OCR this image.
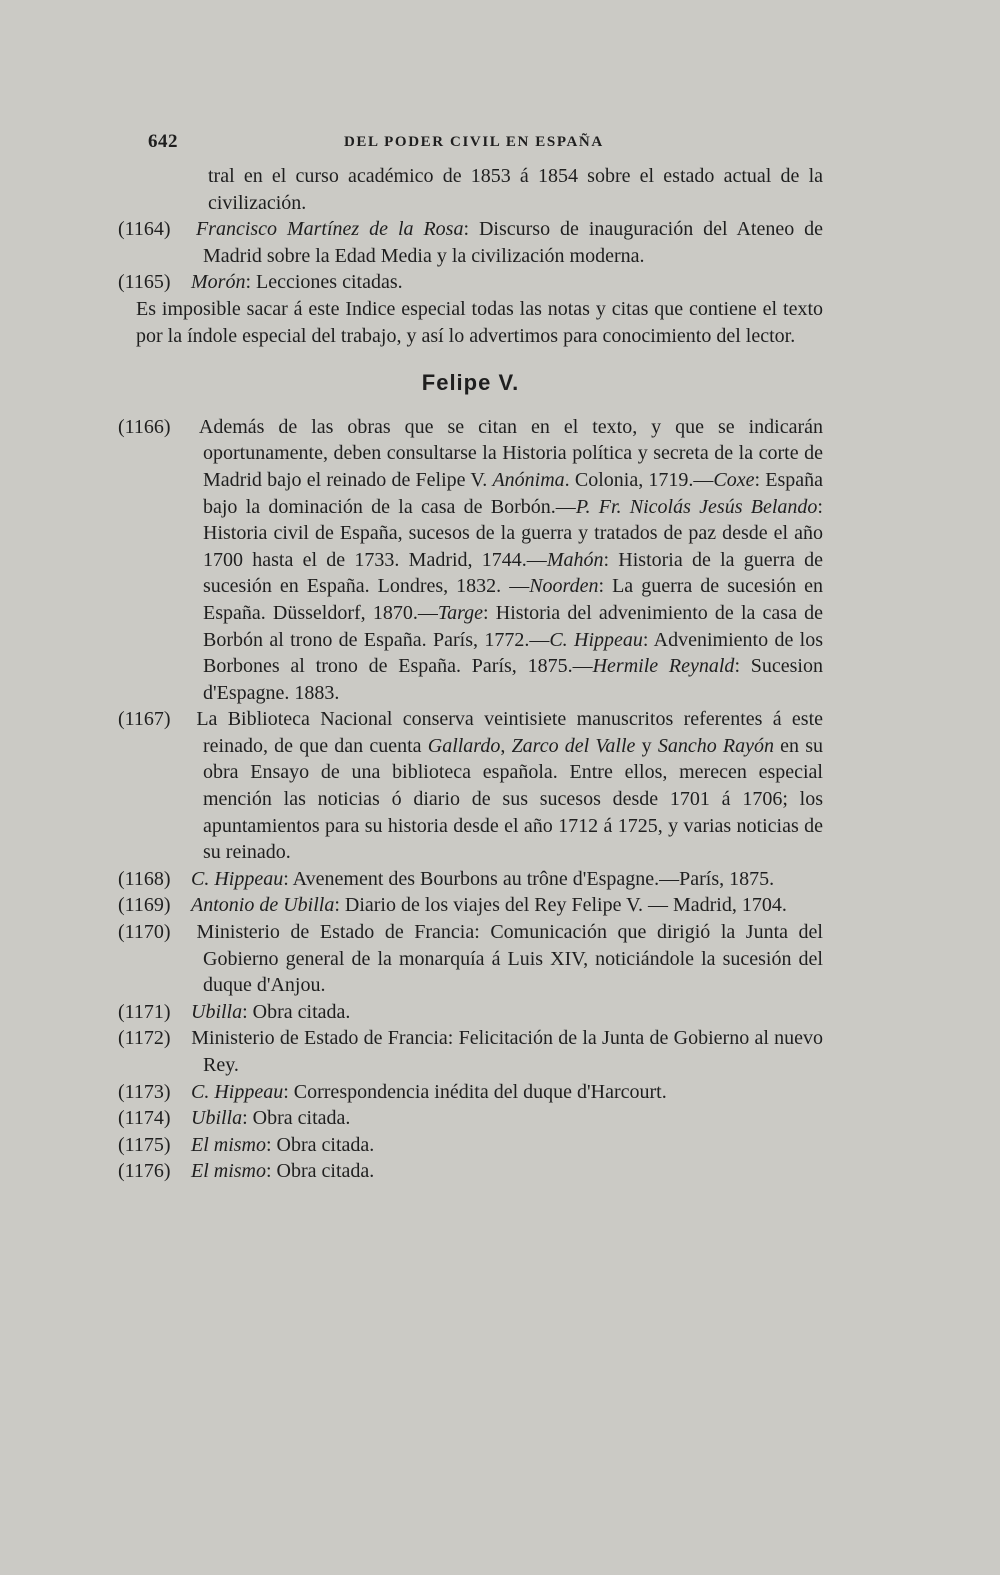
642	DEL PODER CIVIL EN ESPAÑA

tral en el curso académico de 1853 á 1854 sobre el estado actual de la civilización.

(1164) Francisco Martínez de la Rosa: Discurso de inauguración del Ateneo de Madrid sobre la Edad Media y la civilización moderna.

(1165) Morón: Lecciones citadas.

Es imposible sacar á este Indice especial todas las notas y citas que contiene el texto por la índole especial del trabajo, y así lo advertimos para conocimiento del lector.

Felipe V.

(1166) Además de las obras que se citan en el texto, y que se indicarán oportunamente, deben consultarse la Historia política y secreta de la corte de Madrid bajo el reinado de Felipe V. Anónima. Colonia, 1719.—Coxe: España bajo la dominación de la casa de Borbón.—P. Fr. Nicolás Jesús Belando: Historia civil de España, sucesos de la guerra y tratados de paz desde el año 1700 hasta el de 1733. Madrid, 1744.—Mahón: Historia de la guerra de sucesión en España. Londres, 1832. —Noorden: La guerra de sucesión en España. Düsseldorf, 1870.—Targe: Historia del advenimiento de la casa de Borbón al trono de España. París, 1772.—C. Hippeau: Advenimiento de los Borbones al trono de España. París, 1875.—Hermile Reynald: Sucesion d'Espagne. 1883.

(1167) La Biblioteca Nacional conserva veintisiete manuscritos referentes á este reinado, de que dan cuenta Gallardo, Zarco del Valle y Sancho Rayón en su obra Ensayo de una biblioteca española. Entre ellos, merecen especial mención las noticias ó diario de sus sucesos desde 1701 á 1706; los apuntamientos para su historia desde el año 1712 á 1725, y varias noticias de su reinado.

(1168) C. Hippeau: Avenement des Bourbons au trône d'Espagne.—París, 1875.

(1169) Antonio de Ubilla: Diario de los viajes del Rey Felipe V. — Madrid, 1704.

(1170) Ministerio de Estado de Francia: Comunicación que dirigió la Junta del Gobierno general de la monarquía á Luis XIV, noticiándole la sucesión del duque d'Anjou.

(1171) Ubilla: Obra citada.

(1172) Ministerio de Estado de Francia: Felicitación de la Junta de Gobierno al nuevo Rey.

(1173) C. Hippeau: Correspondencia inédita del duque d'Harcourt.

(1174) Ubilla: Obra citada.

(1175) El mismo: Obra citada.

(1176) El mismo: Obra citada.
